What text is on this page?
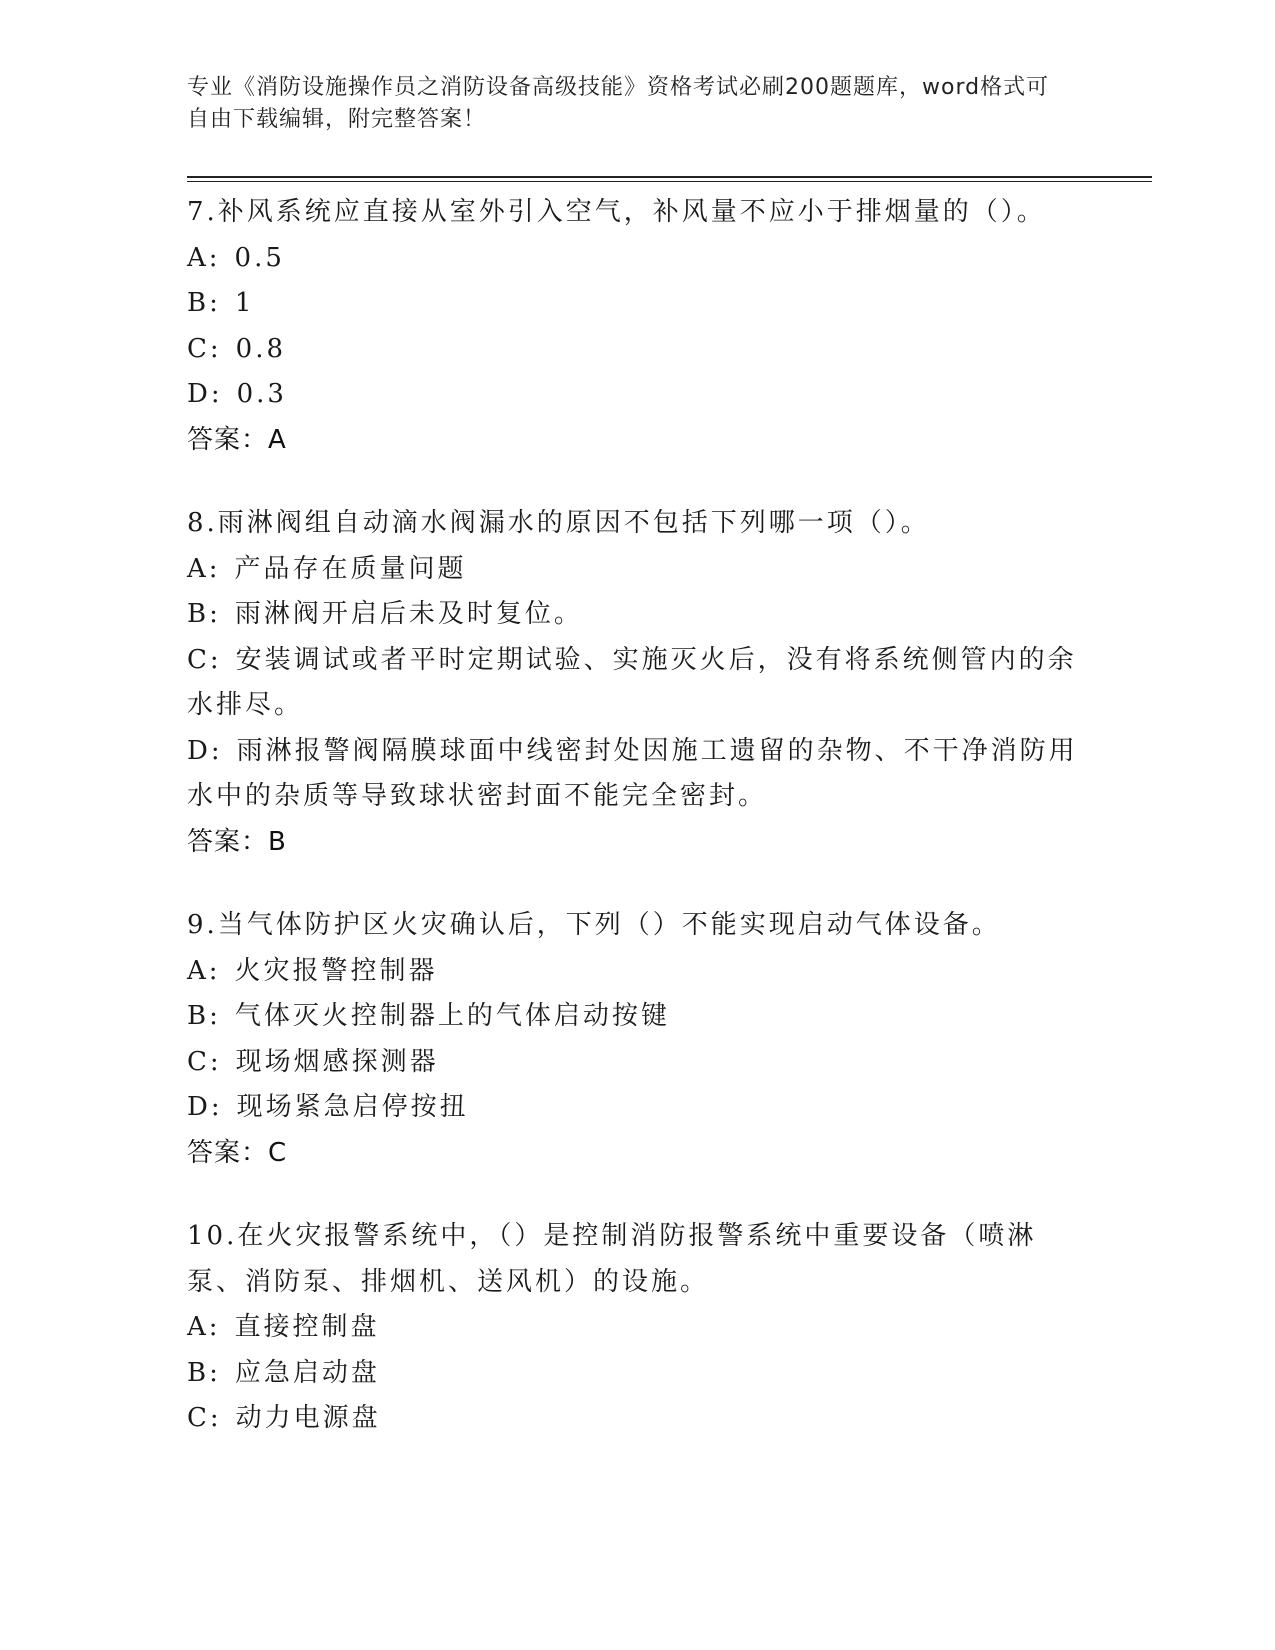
专业《消防设施操作员之消防设备高级技能》资格考试必刷200题题库，word格式可自由下载编辑，附完整答案！
7.补风系统应直接从室外引入空气，补风量不应小于排烟量的（）。
A: 0.5
B: 1
C: 0.8
D: 0.3
答案：A
8.雨淋阀组自动滴水阀漏水的原因不包括下列哪一项（）。
A: 产品存在质量问题
B: 雨淋阀开启后未及时复位。
C: 安装调试或者平时定期试验、实施灭火后，没有将系统侧管内的余水排尽。
D: 雨淋报警阀隔膜球面中线密封处因施工遗留的杂物、不干净消防用水中的杂质等导致球状密封面不能完全密封。
答案：B
9.当气体防护区火灾确认后，下列（）不能实现启动气体设备。
A: 火灾报警控制器
B: 气体灭火控制器上的气体启动按键
C: 现场烟感探测器
D: 现场紧急启停按扭
答案：C
10.在火灾报警系统中，（）是控制消防报警系统中重要设备（喷淋泵、消防泵、排烟机、送风机）的设施。
A: 直接控制盘
B: 应急启动盘
C: 动力电源盘
